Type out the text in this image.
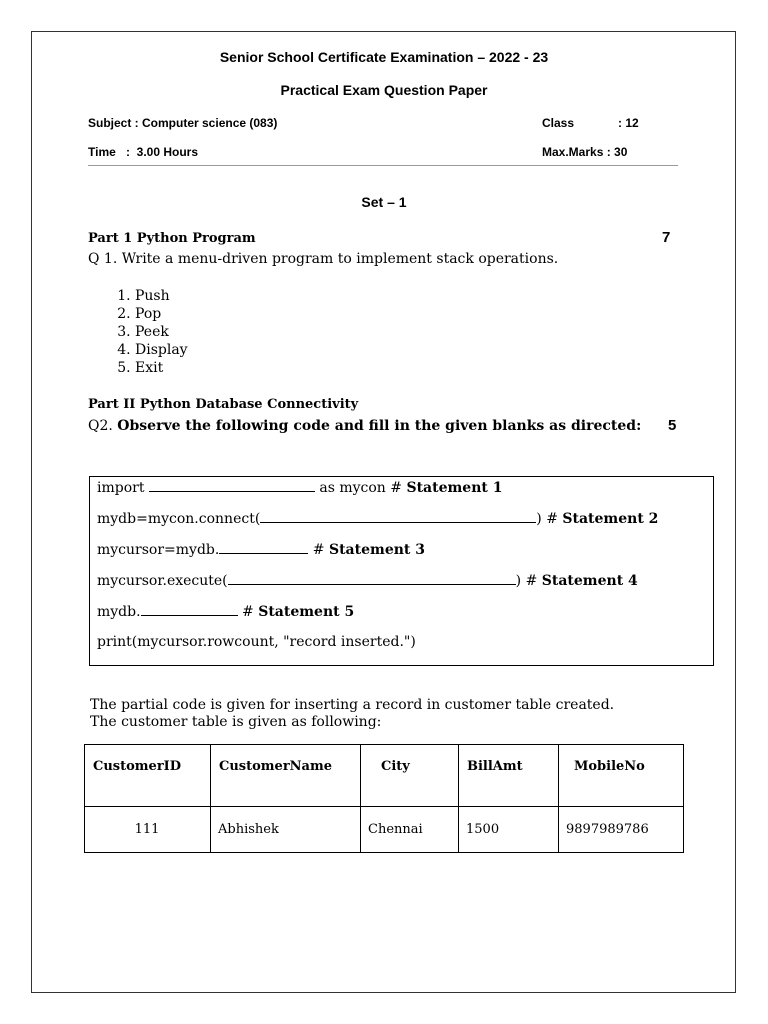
Senior School Certificate Examination – 2022 - 23
Practical Exam Question Paper
Subject : Computer science (083)	Class	: 12
Time :  3.00 Hours	Max.Marks : 30
Set – 1
Part 1 Python Program	7
Q 1. Write a menu-driven program to implement stack operations.
1. Push
2. Pop
3. Peek
4. Display
5. Exit
Part II Python Database Connectivity
Q2. Observe the following code and fill in the given blanks as directed: 5
import	as mycon # Statement 1
mydb=mycon.connect(	) # Statement 2
mycursor=mydb.	# Statement 3
mycursor.execute(	) # Statement 4
mydb.	# Statement 5
print(mycursor.rowcount, "record inserted.")
The partial code is given for inserting a record in customer table created.
The customer table is given as following:
CustomerID	CustomerName	City	BillAmt	MobileNo
111	Abhishek	Chennai	1500	9897989786
